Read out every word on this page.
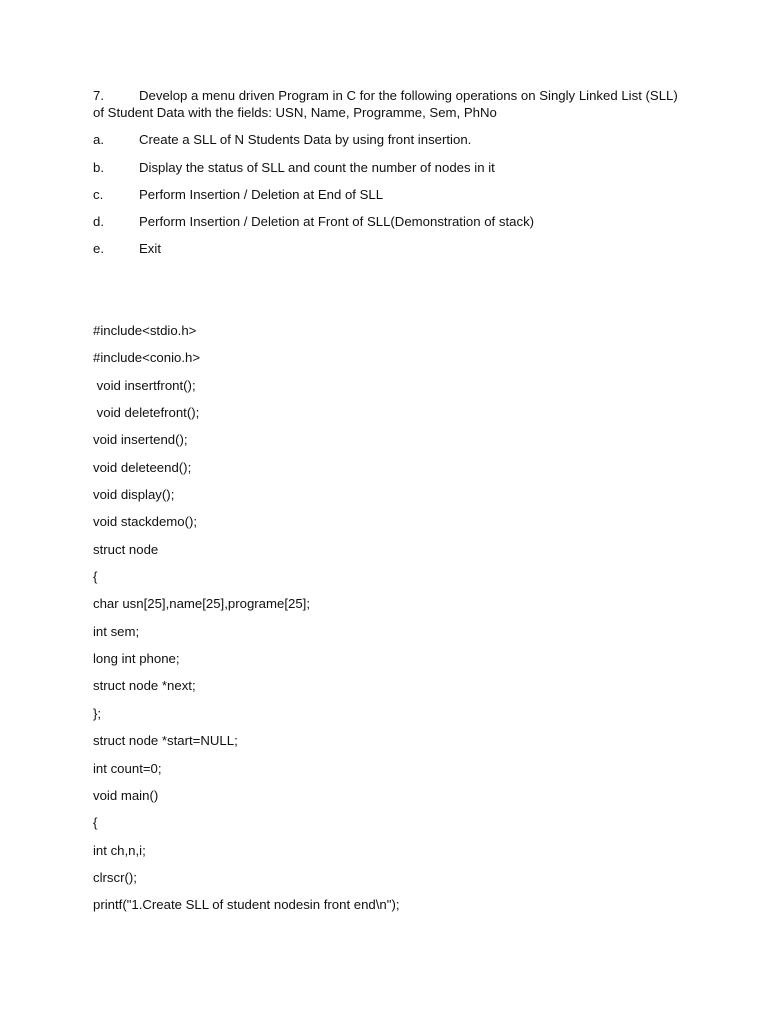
7.	Develop a menu driven Program in C for the following operations on Singly Linked List (SLL)
of Student Data with the fields: USN, Name, Programme, Sem, PhNo

a.	Create a SLL of N Students Data by using front insertion.
b.	Display the status of SLL and count the number of nodes in it
c.	Perform Insertion / Deletion at End of SLL
d.	Perform Insertion / Deletion at Front of SLL(Demonstration of stack)
e.	Exit

#include<stdio.h>

#include<conio.h>

void insertfront();

void deletefront();

void insertend();

void deleteend();

void display();

void stackdemo();

struct node

{

char usn[25],name[25],programe[25];

int sem;

long int phone;

struct node *next;

};

struct node *start=NULL;

int count=0;

void main()

{

int ch,n,i;

clrscr();

printf("1.Create SLL of student nodesin front end\n");
